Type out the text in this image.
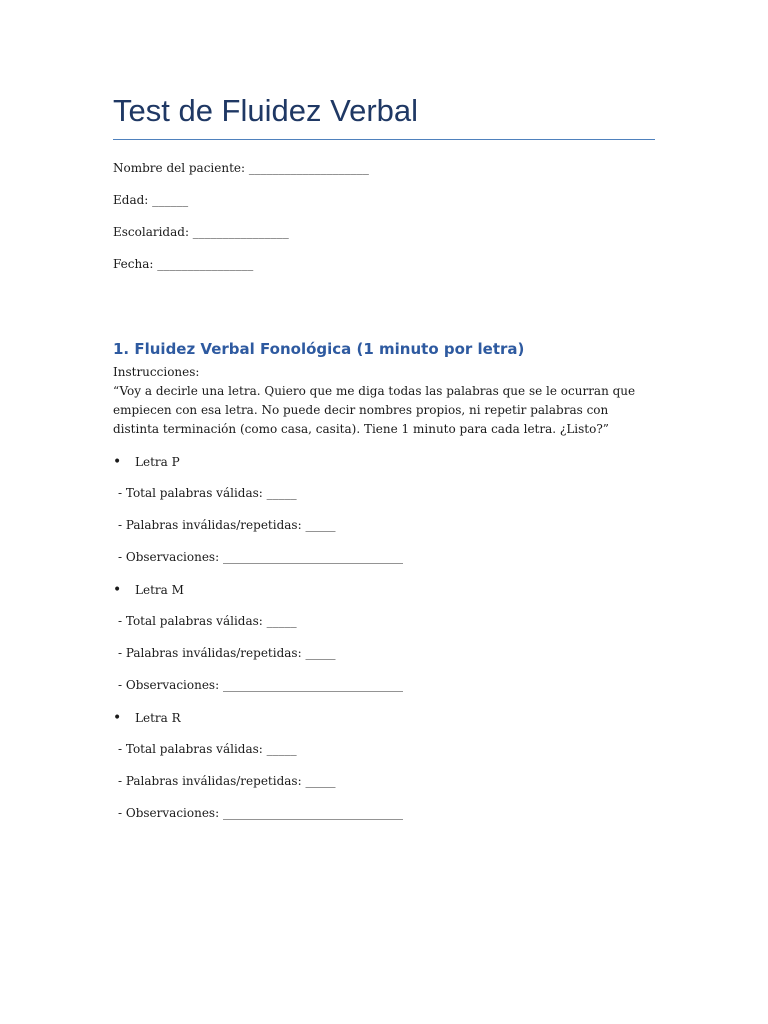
Test de Fluidez Verbal
Nombre del paciente: ____________________
Edad: ______
Escolaridad: ________________
Fecha: ________________
1. Fluidez Verbal Fonológica (1 minuto por letra)
Instrucciones:
“Voy a decirle una letra. Quiero que me diga todas las palabras que se le ocurran que empiecen con esa letra. No puede decir nombres propios, ni repetir palabras con distinta terminación (como casa, casita). Tiene 1 minuto para cada letra. ¿Listo?”
• Letra P
- Total palabras válidas: _____
- Palabras inválidas/repetidas: _____
- Observaciones: ______________________________
• Letra M
- Total palabras válidas: _____
- Palabras inválidas/repetidas: _____
- Observaciones: ______________________________
• Letra R
- Total palabras válidas: _____
- Palabras inválidas/repetidas: _____
- Observaciones: ______________________________
